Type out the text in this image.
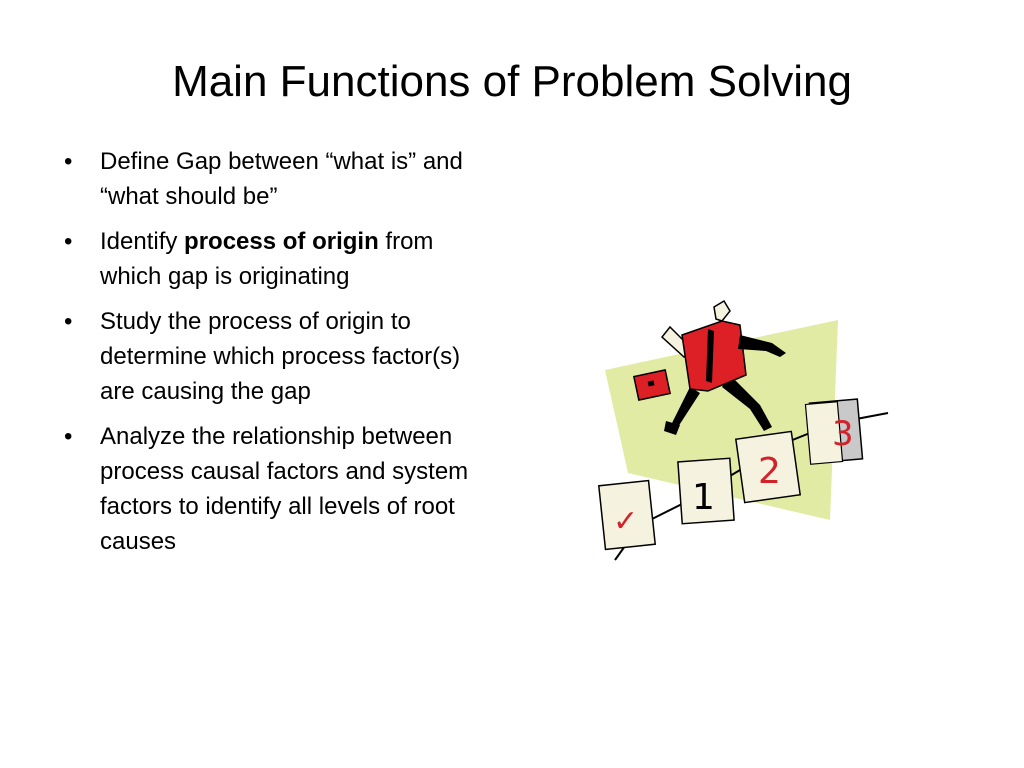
Main Functions of Problem Solving
• Define Gap between “what is” and “what should be”
• Identify process of origin from which gap is originating
• Study the process of origin to determine which process factor(s) are causing the gap
• Analyze the relationship between process causal factors and system factors to identify all levels of root causes
3
2
1
✓
